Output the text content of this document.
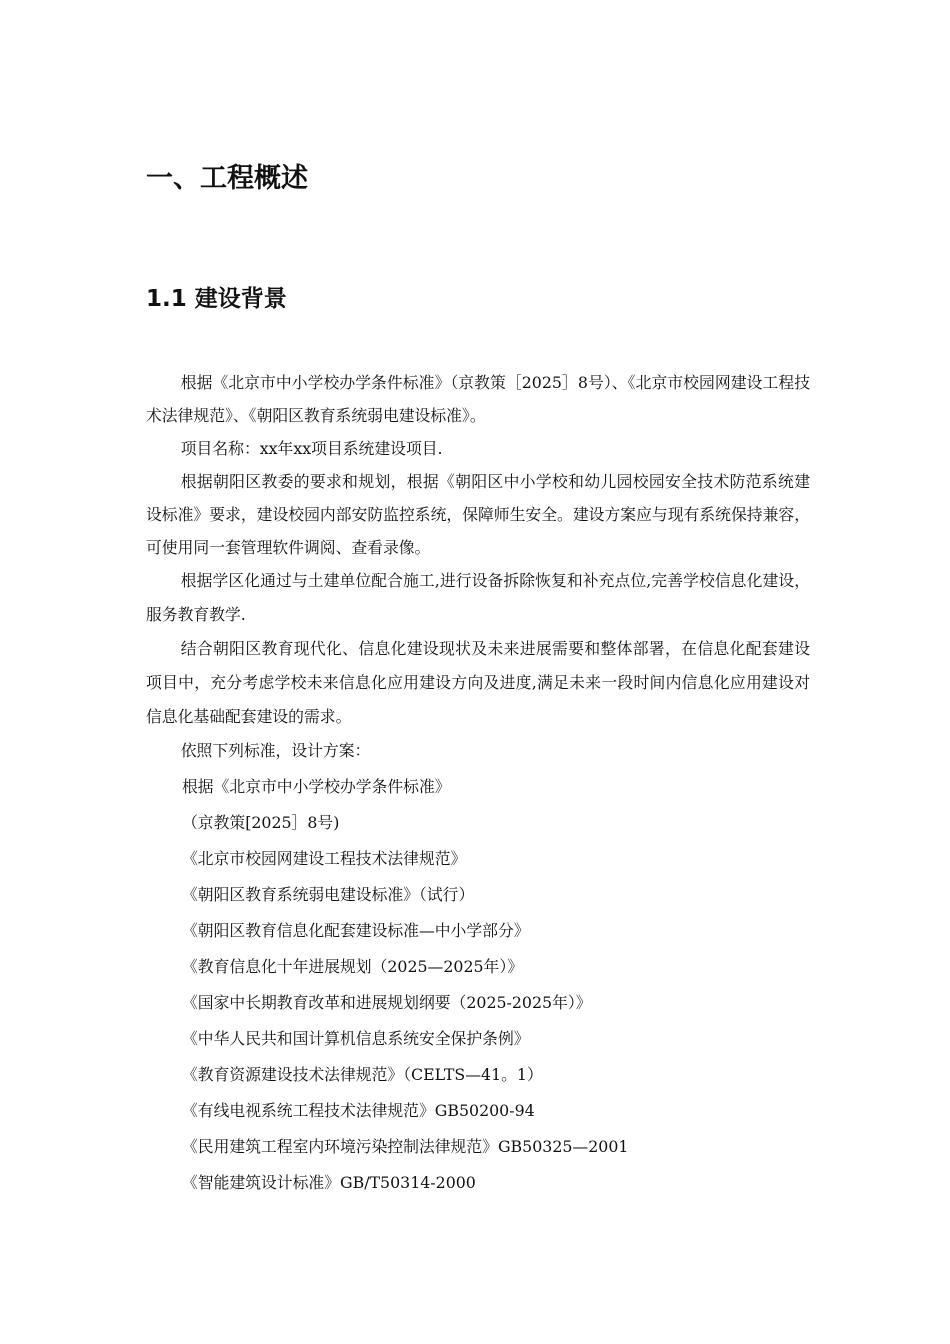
一、工程概述
1.1 建设背景

根据《北京市中小学校办学条件标准》（京教策［2025］8号）、《北京市校园网建设工程技术法律规范》、《朝阳区教育系统弱电建设标准》。

项目名称：xx年xx项目系统建设项目.

根据朝阳区教委的要求和规划，根据《朝阳区中小学校和幼儿园校园安全技术防范系统建设标准》要求，建设校园内部安防监控系统，保障师生安全。建设方案应与现有系统保持兼容，可使用同一套管理软件调阅、查看录像。

根据学区化通过与土建单位配合施工,进行设备拆除恢复和补充点位,完善学校信息化建设，服务教育教学.

结合朝阳区教育现代化、信息化建设现状及未来进展需要和整体部署，在信息化配套建设项目中，充分考虑学校未来信息化应用建设方向及进度,满足未来一段时间内信息化应用建设对信息化基础配套建设的需求。

依照下列标准，设计方案：

根据《北京市中小学校办学条件标准》
（京教策[2025］8号)
《北京市校园网建设工程技术法律规范》
《朝阳区教育系统弱电建设标准》（试行）
《朝阳区教育信息化配套建设标准—中小学部分》
《教育信息化十年进展规划（2025—2025年）》
《国家中长期教育改革和进展规划纲要（2025-2025年）》
《中华人民共和国计算机信息系统安全保护条例》
《教育资源建设技术法律规范》（CELTS—41。1）
《有线电视系统工程技术法律规范》GB50200-94
《民用建筑工程室内环境污染控制法律规范》GB50325—2001
《智能建筑设计标准》GB/T50314-2000
